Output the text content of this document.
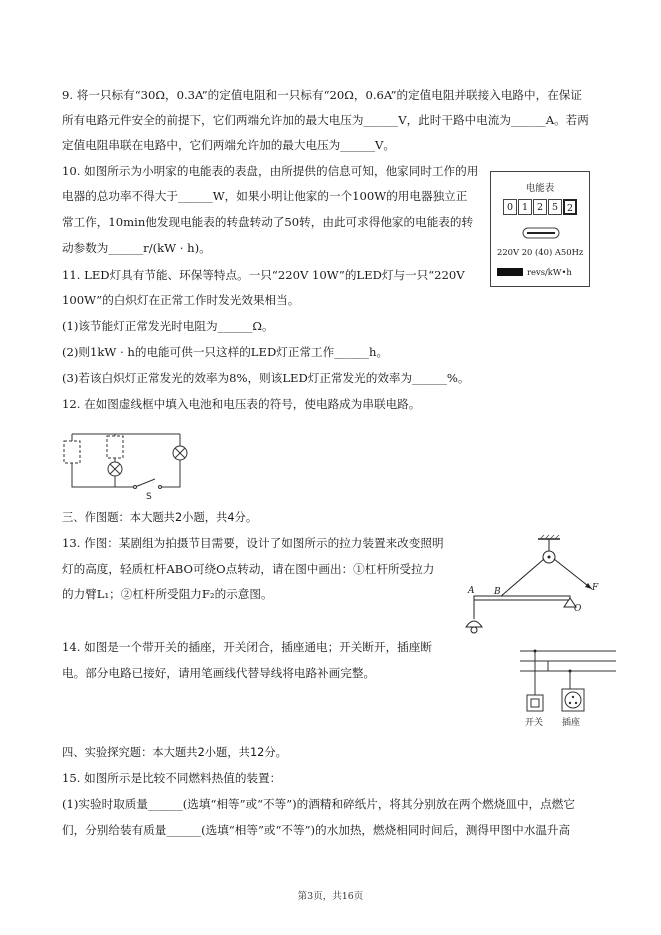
9. 将一只标有“30Ω，0.3A”的定值电阻和一只标有“20Ω，0.6A”的定值电阻并联接入电路中，在保证
所有电路元件安全的前提下，它们两端允许加的最大电压为______V，此时干路中电流为______A。若两
定值电阻串联在电路中，它们两端允许加的最大电压为______V。
10. 如图所示为小明家的电能表的表盘，由所提供的信息可知，他家同时工作的用
电器的总功率不得大于______W，如果小明让他家的一个100W的用电器独立正
常工作，10min他发现电能表的转盘转动了50转，由此可求得他家的电能表的转
动参数为______r/(kW · h)。
11. LED灯具有节能、环保等特点。一只“220V 10W”的LED灯与一只“220V
100W”的白炽灯在正常工作时发光效果相当。
(1)该节能灯正常发光时电阻为______Ω。
(2)则1kW · h的电能可供一只这样的LED灯正常工作______h。
(3)若该白炽灯正常发光的效率为8%，则该LED灯正常发光的效率为______%。
12. 在如图虚线框中填入电池和电压表的符号，使电路成为串联电路。
三、作图题：本大题共2小题，共4分。
13. 作图：某剧组为拍摄节目需要，设计了如图所示的拉力装置来改变照明
灯的高度，轻质杠杆ABO可绕O点转动，请在图中画出：①杠杆所受拉力
的力臂L₁；②杠杆所受阻力F₂的示意图。
14. 如图是一个带开关的插座，开关闭合，插座通电；开关断开，插座断
电。部分电路已接好，请用笔画线代替导线将电路补画完整。
四、实验探究题：本大题共2小题，共12分。
15. 如图所示是比较不同燃料热值的装置：
(1)实验时取质量______(选填“相等”或“不等”)的酒精和碎纸片，将其分别放在两个燃烧皿中，点燃它
们，分别给装有质量______(选填“相等”或“不等”)的水加热，燃烧相同时间后，测得甲图中水温升高
电能表
0 1 2 5 2
220V 20 (40) A50Hz
revs/kW•h
S
A B
O
F
开关 插座
第3页，共16页
